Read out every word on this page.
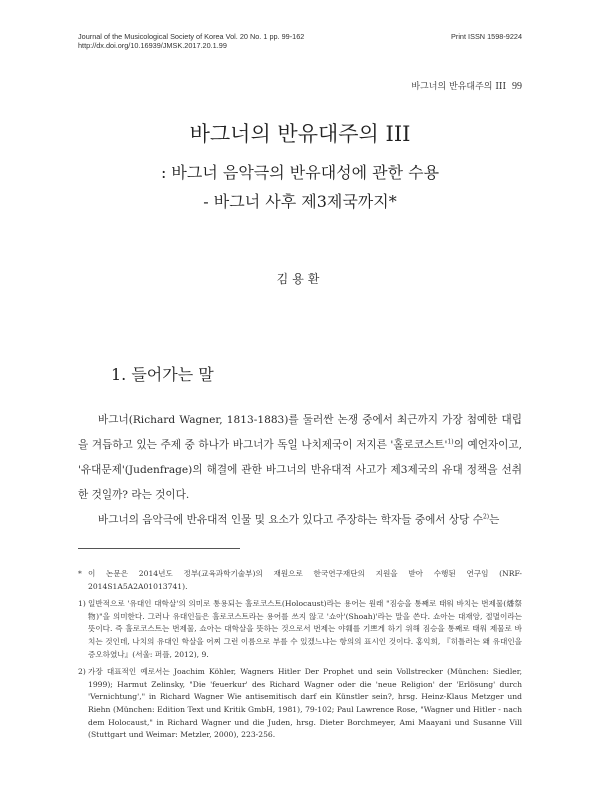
Journal of the Musicological Society of Korea Vol. 20 No. 1 pp. 99-162
http://dx.doi.org/10.16939/JMSK.2017.20.1.99
Print ISSN 1598-9224
바그너의 반유대주의 III 99
바그너의 반유대주의 III
: 바그너 음악극의 반유대성에 관한 수용
- 바그너 사후 제3제국까지*
김용환
1. 들어가는 말

바그너(Richard Wagner, 1813-1883)를 둘러싼 논쟁 중에서 최근까지 가장 첨예한 대립을 겨듭하고 있는 주제 중 하나가 바그너가 독일 나치제국이 저지른 '홀로코스트'$^{1)}$의 예언자이고, '유대문제'(Judenfrage)의 해결에 관한 바그너의 반유대적 사고가 제3제국의 유대 정책을 선취한 것일까? 라는 것이다.

바그너의 음악극에 반유대적 인물 및 요소가 있다고 주장하는 학자들 중에서 상당 수$^{2)}$는

* 이 논문은 2014년도 정부(교육과학기술부)의 재원으로 한국연구재단의 지원을 받아 수행된 연구임 (NRF-2014S1A5A2A01013741).
1) 일반적으로 '유대인 대학살'의 의미로 통용되는 홀로코스트(Holocaust)라는 용어는 원래 "짐승을 통째로 태워 바치는 번제물(燔祭物)"을 의미한다. 그러나 유대인들은 홀로코스트라는 용어를 쓰지 않고 '쇼아'(Shoah)'라는 말을 쓴다. 쇼아는 대재앙, 절멸이라는 뜻이다. 즉 홀로코스트는 번제물, 쇼아는 대학살을 뜻하는 것으로서 번제는 야훼를 기쁘게 하기 위해 짐승을 통째로 태워 제물로 바치는 것인데, 나치의 유대인 학살을 어찌 그런 이름으로 부를 수 있겠느냐는 항의의 표시인 것이다. 홍익희, 『히틀러는 왜 유대인을 증오하였나』(서울: 퍼플, 2012), 9.
2) 가장 대표적인 예로서는 Joachim Köhler, Wagners Hitler Der Prophet und sein Vollstrecker (München: Siedler, 1999); Harmut Zelinsky, "Die 'feuerkur' des Richard Wagner oder die 'neue Religion' der 'Erlösung' durch 'Vernichtung'," in Richard Wagner Wie antisemitisch darf ein Künstler sein?, hrsg. Heinz-Klaus Metzger und Riehn (München: Edition Text und Kritik GmbH, 1981), 79-102; Paul Lawrence Rose, "Wagner und Hitler - nach dem Holocaust," in Richard Wagner und die Juden, hrsg. Dieter Borchmeyer, Ami Maayani und Susanne Vill (Stuttgart und Weimar: Metzler, 2000), 223-256.
